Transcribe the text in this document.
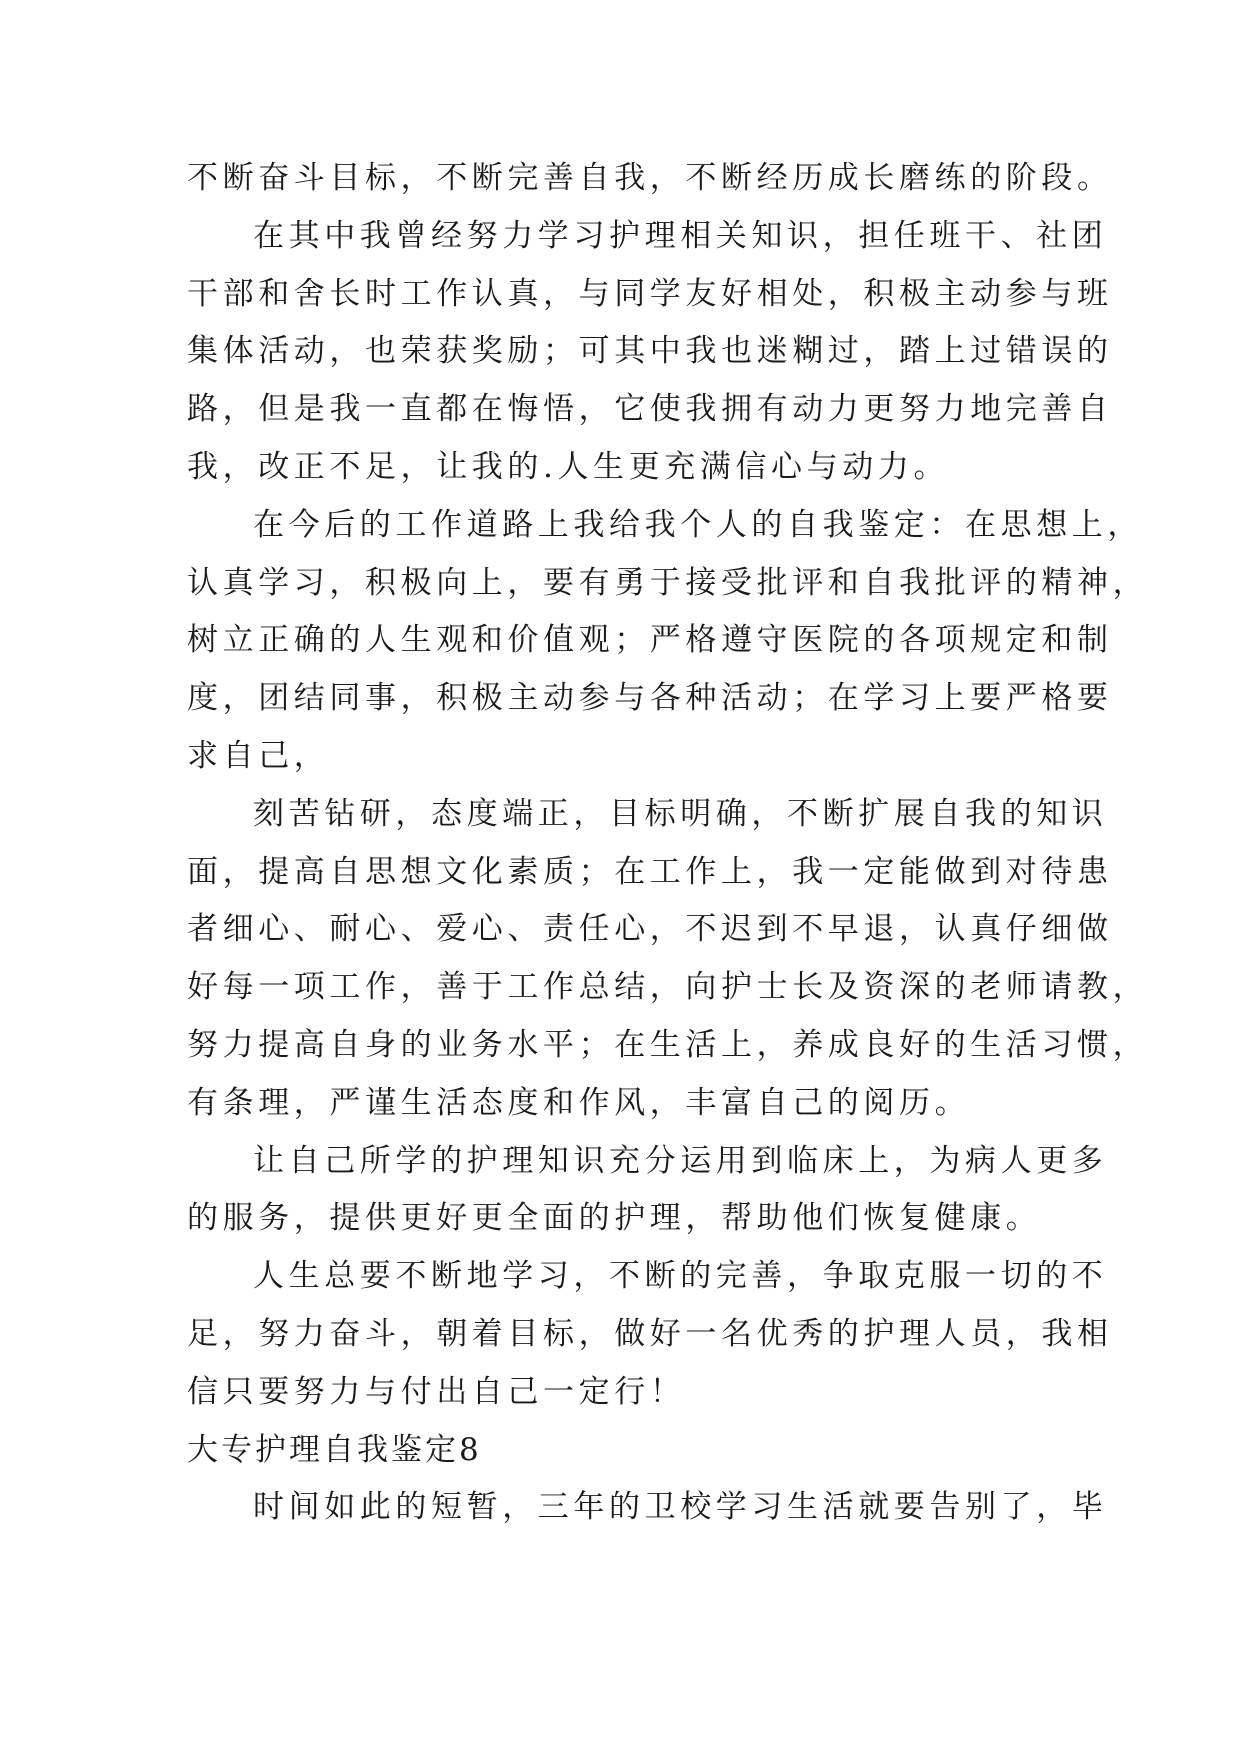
不断奋斗目标，不断完善自我，不断经历成长磨练的阶段。
在其中我曾经努力学习护理相关知识，担任班干、社团
干部和舍长时工作认真，与同学友好相处，积极主动参与班
集体活动，也荣获奖励；可其中我也迷糊过，踏上过错误的
路，但是我一直都在悔悟，它使我拥有动力更努力地完善自
我，改正不足，让我的.人生更充满信心与动力。
在今后的工作道路上我给我个人的自我鉴定：在思想上，
认真学习，积极向上，要有勇于接受批评和自我批评的精神，
树立正确的人生观和价值观；严格遵守医院的各项规定和制
度，团结同事，积极主动参与各种活动；在学习上要严格要
求自己，
刻苦钻研，态度端正，目标明确，不断扩展自我的知识
面，提高自思想文化素质；在工作上，我一定能做到对待患
者细心、耐心、爱心、责任心，不迟到不早退，认真仔细做
好每一项工作，善于工作总结，向护士长及资深的老师请教，
努力提高自身的业务水平；在生活上，养成良好的生活习惯，
有条理，严谨生活态度和作风，丰富自己的阅历。
让自己所学的护理知识充分运用到临床上，为病人更多
的服务，提供更好更全面的护理，帮助他们恢复健康。
人生总要不断地学习，不断的完善，争取克服一切的不
足，努力奋斗，朝着目标，做好一名优秀的护理人员，我相
信只要努力与付出自己一定行！
大专护理自我鉴定8
时间如此的短暂，三年的卫校学习生活就要告别了，毕
